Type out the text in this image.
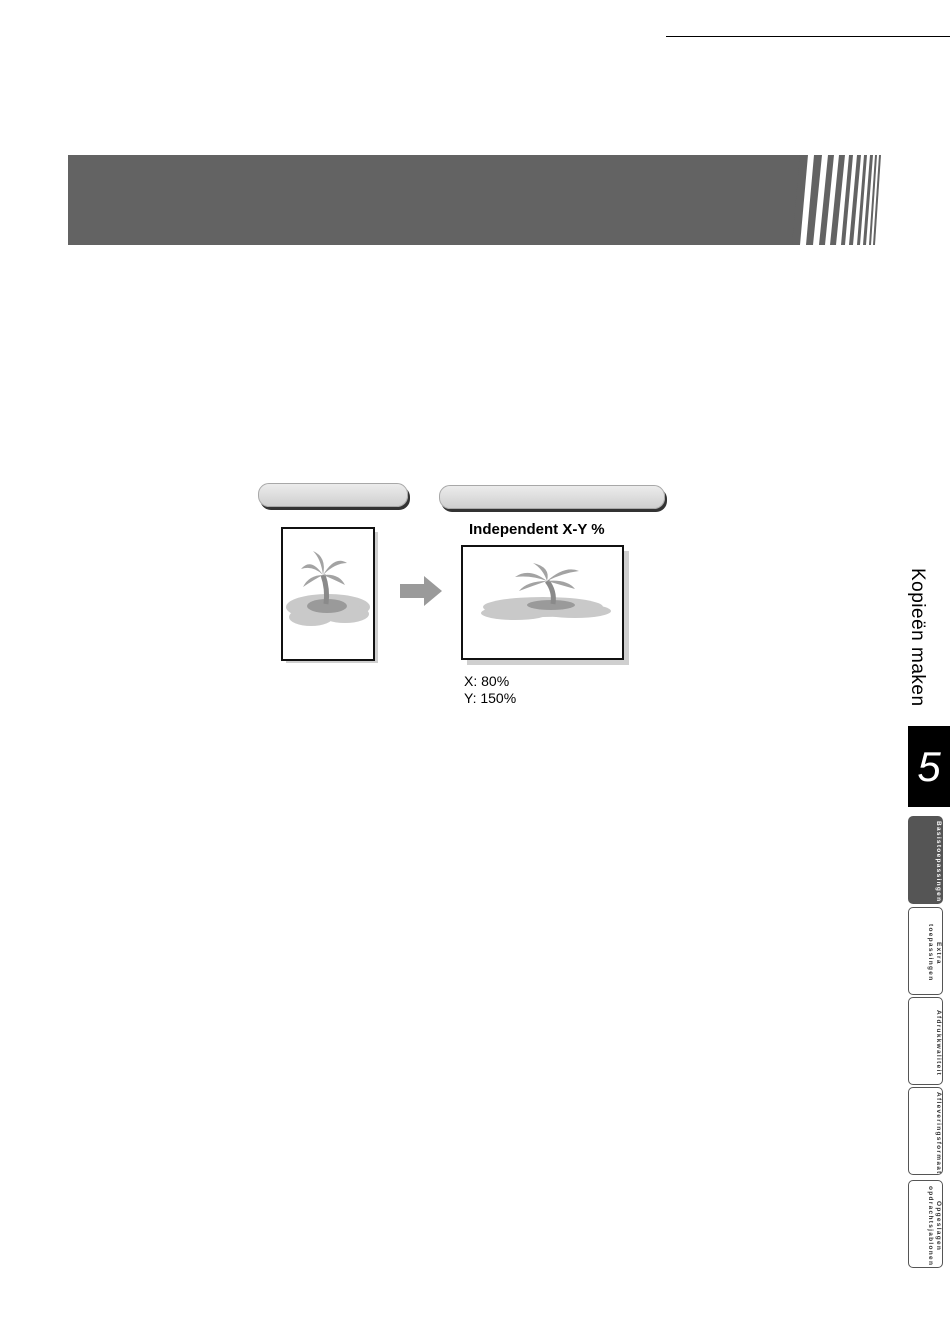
Independent X-Y %
X: 80%
Y: 150%	Kopieën maken
5
Basistoepassingen
Extra toepassingen
Afdrukkwaliteit
Afleveringsformaat
Opgeslagen opdrachtsjablonen
